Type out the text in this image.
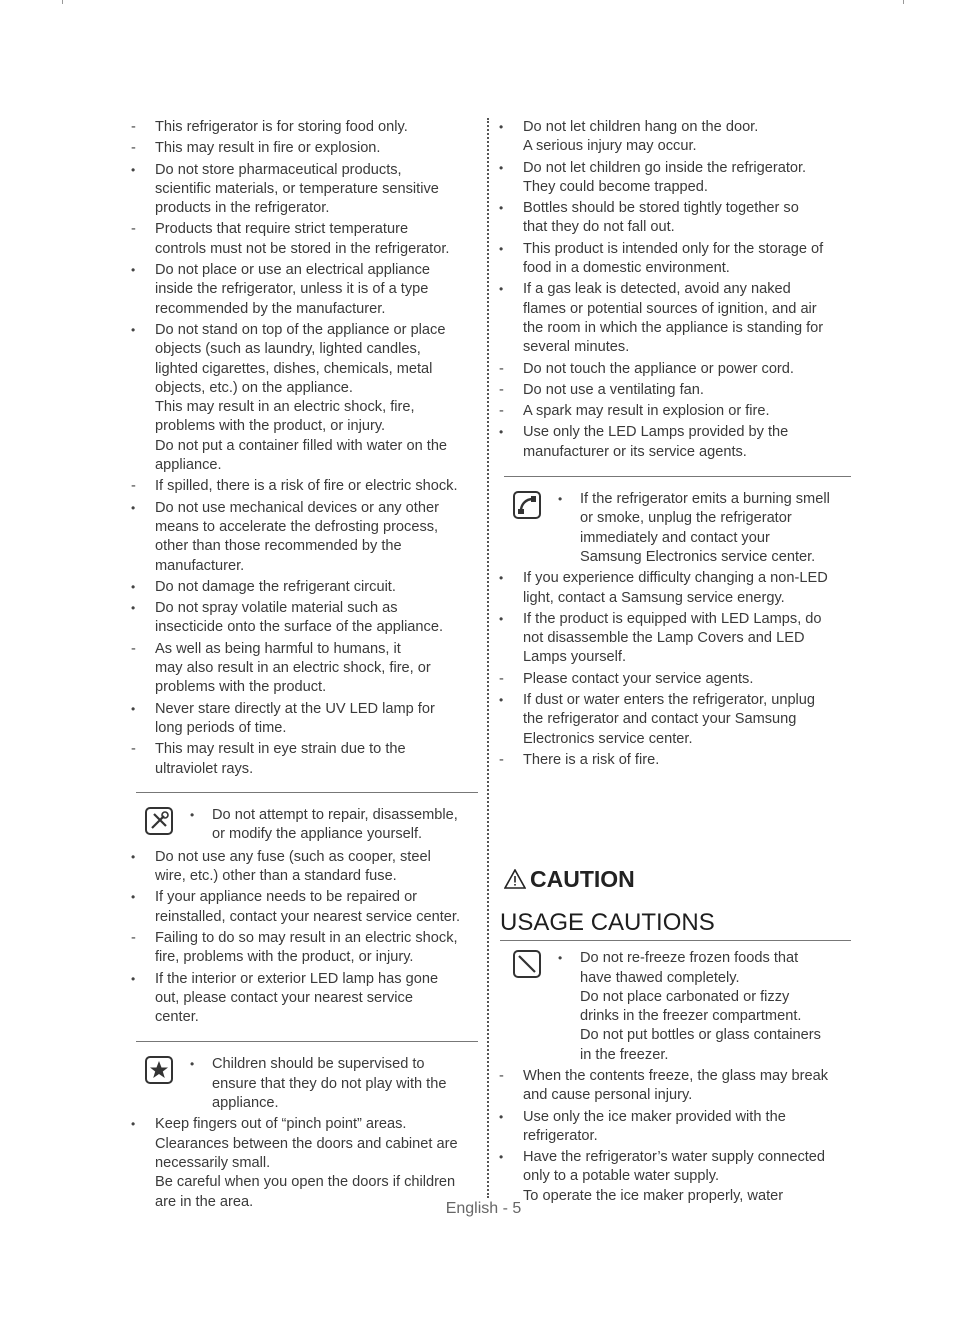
-	This refrigerator is for storing food only.
-	This may result in fire or explosion.
•	Do not store pharmaceutical products,
scientific materials, or temperature sensitive
products in the refrigerator.
-	Products that require strict temperature
controls must not be stored in the refrigerator.
•	Do not place or use an electrical appliance
inside the refrigerator, unless it is of a type
recommended by the manufacturer.
•	Do not stand on top of the appliance or place
objects (such as laundry, lighted candles,
lighted cigarettes, dishes, chemicals, metal
objects, etc.) on the appliance.
This may result in an electric shock, fire,
problems with the product, or injury.
Do not put a container filled with water on the
appliance.
-	If spilled, there is a risk of fire or electric shock.
•	Do not use mechanical devices or any other
means to accelerate the defrosting process,
other than those recommended by the
manufacturer.
•	Do not damage the refrigerant circuit.
•	Do not spray volatile material such as
insecticide onto the surface of the appliance.
-	As well as being harmful to humans, it
may also result in an electric shock, fire, or
problems with the product.
•	Never stare directly at the UV LED lamp for
long periods of time.
-	This may result in eye strain due to the
ultraviolet rays.
• Do not attempt to repair, disassemble,
or modify the appliance yourself.
•	Do not use any fuse (such as cooper, steel
wire, etc.) other than a standard fuse.
•	If your appliance needs to be repaired or
reinstalled, contact your nearest service center.
-	Failing to do so may result in an electric shock,
fire, problems with the product, or injury.
•	If the interior or exterior LED lamp has gone
out, please contact your nearest service
center.
• Children should be supervised to
ensure that they do not play with the
appliance.
•	Keep fingers out of “pinch point” areas.
Clearances between the doors and cabinet are
necessarily small.
Be careful when you open the doors if children
are in the area.
•	Do not let children hang on the door.
A serious injury may occur.
•	Do not let children go inside the refrigerator.
They could become trapped.
•	Bottles should be stored tightly together so
that they do not fall out.
•	This product is intended only for the storage of
food in a domestic environment.
•	If a gas leak is detected, avoid any naked
flames or potential sources of ignition, and air
the room in which the appliance is standing for
several minutes.
-	Do not touch the appliance or power cord.
-	Do not use a ventilating fan.
-	A spark may result in explosion or fire.
•	Use only the LED Lamps provided by the
manufacturer or its service agents.
• If the refrigerator emits a burning smell
or smoke, unplug the refrigerator
immediately and contact your
Samsung Electronics service center.
•	If you experience difficulty changing a non-LED
light, contact a Samsung service energy.
•	If the product is equipped with LED Lamps, do
not disassemble the Lamp Covers and LED
Lamps yourself.
-	Please contact your service agents.
•	If dust or water enters the refrigerator, unplug
the refrigerator and contact your Samsung
Electronics service center.
-	There is a risk of fire.
CAUTION
USAGE CAUTIONS
• Do not re-freeze frozen foods that
have thawed completely.
Do not place carbonated or fizzy
drinks in the freezer compartment.
Do not put bottles or glass containers
in the freezer.
-	When the contents freeze, the glass may break
and cause personal injury.
•	Use only the ice maker provided with the
refrigerator.
•	Have the refrigerator’s water supply connected
only to a potable water supply.
To operate the ice maker properly, water
English - 5
